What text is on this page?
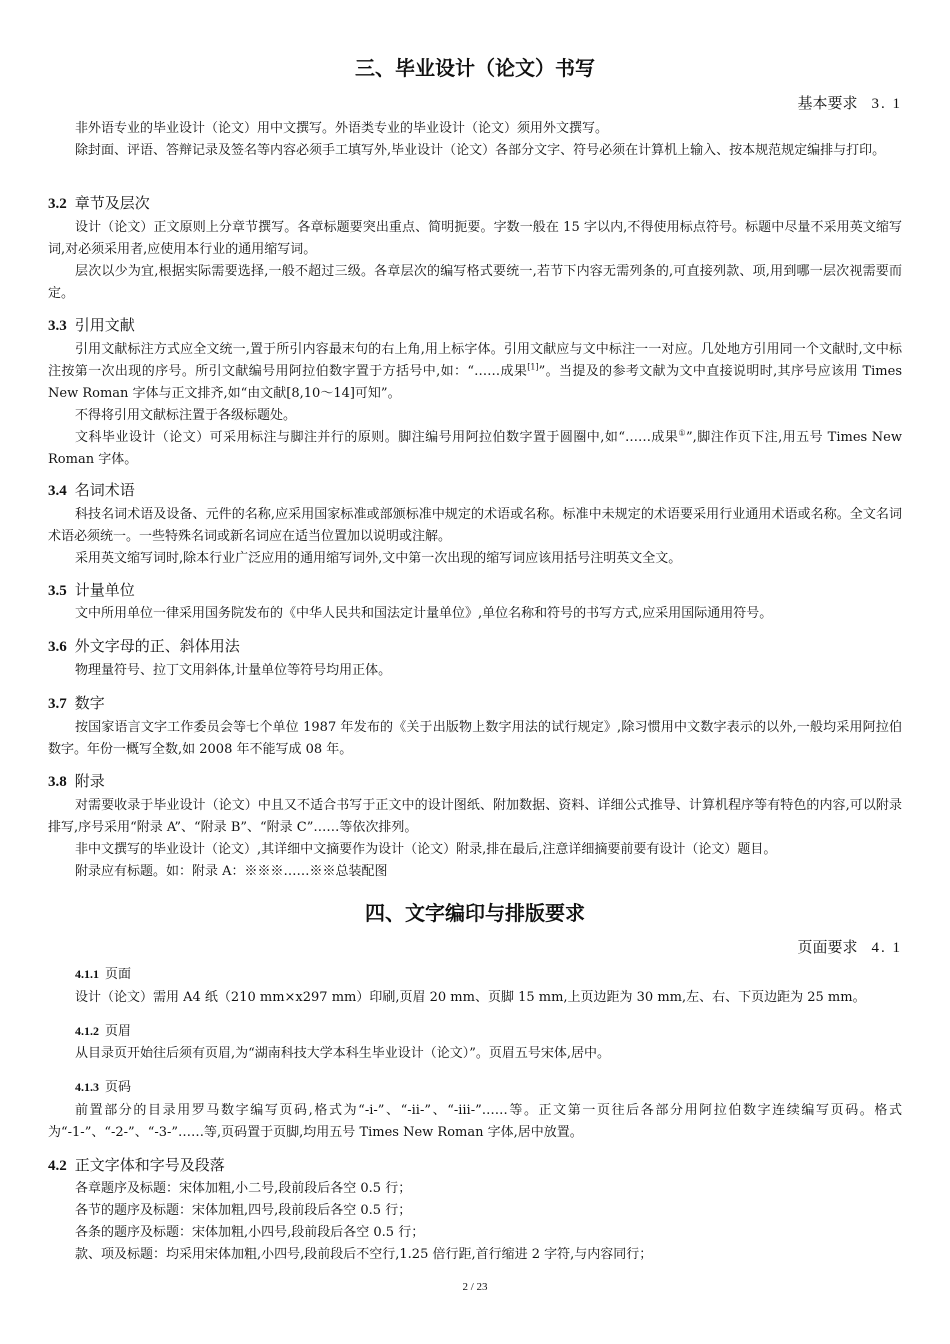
三、毕业设计（论文）书写
基本要求 3. 1

非外语专业的毕业设计（论文）用中文撰写。外语类专业的毕业设计（论文）须用外文撰写。

除封面、评语、答辩记录及签名等内容必须手工填写外,毕业设计（论文）各部分文字、符号必须在计算机上输入、按本规范规定编排与打印。

3.2 章节及层次

设计（论文）正文原则上分章节撰写。各章标题要突出重点、简明扼要。字数一般在 15 字以内,不得使用标点符号。标题中尽量不采用英文缩写词,对必须采用者,应使用本行业的通用缩写词。

层次以少为宜,根据实际需要选择,一般不超过三级。各章层次的编写格式要统一,若节下内容无需列条的,可直接列款、项,用到哪一层次视需要而定。

3.3 引用文献

引用文献标注方式应全文统一,置于所引内容最末句的右上角,用上标字体。引用文献应与文中标注一一对应。几处地方引用同一个文献时,文中标注按第一次出现的序号。所引文献编号用阿拉伯数字置于方括号中,如：“……成果[1]”。当提及的参考文献为文中直接说明时,其序号应该用 Times New Roman 字体与正文排齐,如“由文献[8,10～14]可知”。

不得将引用文献标注置于各级标题处。

文科毕业设计（论文）可采用标注与脚注并行的原则。脚注编号用阿拉伯数字置于圆圈中,如“……成果①”,脚注作页下注,用五号 Times New Roman 字体。

3.4 名词术语

科技名词术语及设备、元件的名称,应采用国家标准或部颁标准中规定的术语或名称。标准中未规定的术语要采用行业通用术语或名称。全文名词术语必须统一。一些特殊名词或新名词应在适当位置加以说明或注解。

采用英文缩写词时,除本行业广泛应用的通用缩写词外,文中第一次出现的缩写词应该用括号注明英文全文。

3.5 计量单位

文中所用单位一律采用国务院发布的《中华人民共和国法定计量单位》,单位名称和符号的书写方式,应采用国际通用符号。

3.6 外文字母的正、斜体用法

物理量符号、拉丁文用斜体,计量单位等符号均用正体。

3.7 数字

按国家语言文字工作委员会等七个单位 1987 年发布的《关于出版物上数字用法的试行规定》,除习惯用中文数字表示的以外,一般均采用阿拉伯数字。年份一概写全数,如 2008 年不能写成 08 年。

3.8 附录

对需要收录于毕业设计（论文）中且又不适合书写于正文中的设计图纸、附加数据、资料、详细公式推导、计算机程序等有特色的内容,可以附录排写,序号采用“附录 A”、“附录 B”、“附录 C”……等依次排列。

非中文撰写的毕业设计（论文）,其详细中文摘要作为设计（论文）附录,排在最后,注意详细摘要前要有设计（论文）题目。

附录应有标题。如：附录 A：※※※……※※总装配图

四、文字编印与排版要求
页面要求 4. 1
4.1.1 页面

设计（论文）需用 A4 纸（210 mm×x297 mm）印刷,页眉 20 mm、页脚 15 mm,上页边距为 30 mm,左、右、下页边距为 25 mm。

4.1.2 页眉

从目录页开始往后须有页眉,为“湖南科技大学本科生毕业设计（论文）”。页眉五号宋体,居中。

4.1.3 页码

前置部分的目录用罗马数字编写页码,格式为“-i-”、“-ii-”、“-iii-”……等。正文第一页往后各部分用阿拉伯数字连续编写页码。格式为“-1-”、“-2-”、“-3-”……等,页码置于页脚,均用五号 Times New Roman 字体,居中放置。

4.2 正文字体和字号及段落

各章题序及标题：宋体加粗,小二号,段前段后各空 0.5 行；

各节的题序及标题：宋体加粗,四号,段前段后各空 0.5 行；

各条的题序及标题：宋体加粗,小四号,段前段后各空 0.5 行；

款、项及标题：均采用宋体加粗,小四号,段前段后不空行,1.25 倍行距,首行缩进 2 字符,与内容同行；

2 / 23
